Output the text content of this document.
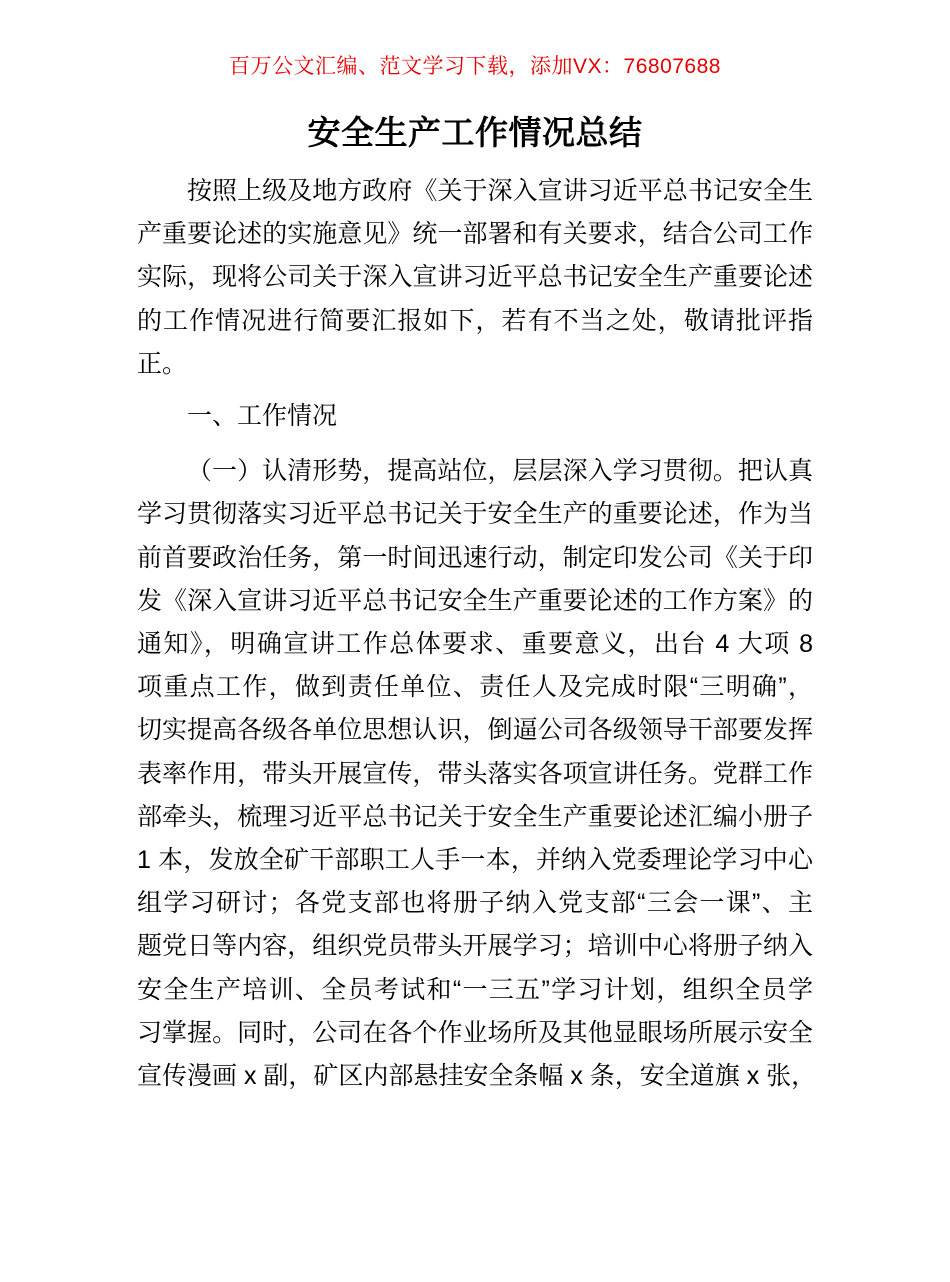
百万公文汇编、范文学习下载，添加VX：76807688
安全生产工作情况总结
按照上级及地方政府《关于深入宣讲习近平总书记安全生
产重要论述的实施意见》统一部署和有关要求，结合公司工作
实际，现将公司关于深入宣讲习近平总书记安全生产重要论述
的工作情况进行简要汇报如下，若有不当之处，敬请批评指
正。
一、工作情况
（一）认清形势，提高站位，层层深入学习贯彻。把认真
学习贯彻落实习近平总书记关于安全生产的重要论述，作为当
前首要政治任务，第一时间迅速行动，制定印发公司《关于印
发《深入宣讲习近平总书记安全生产重要论述的工作方案》的
通知》，明确宣讲工作总体要求、重要意义，出台 4 大项 8
项重点工作，做到责任单位、责任人及完成时限“三明确”，
切实提高各级各单位思想认识，倒逼公司各级领导干部要发挥
表率作用，带头开展宣传，带头落实各项宣讲任务。党群工作
部牵头，梳理习近平总书记关于安全生产重要论述汇编小册子
1 本，发放全矿干部职工人手一本，并纳入党委理论学习中心
组学习研讨；各党支部也将册子纳入党支部“三会一课”、主
题党日等内容，组织党员带头开展学习；培训中心将册子纳入
安全生产培训、全员考试和“一三五”学习计划，组织全员学
习掌握。同时，公司在各个作业场所及其他显眼场所展示安全
宣传漫画 x 副，矿区内部悬挂安全条幅 x 条，安全道旗 x 张，
